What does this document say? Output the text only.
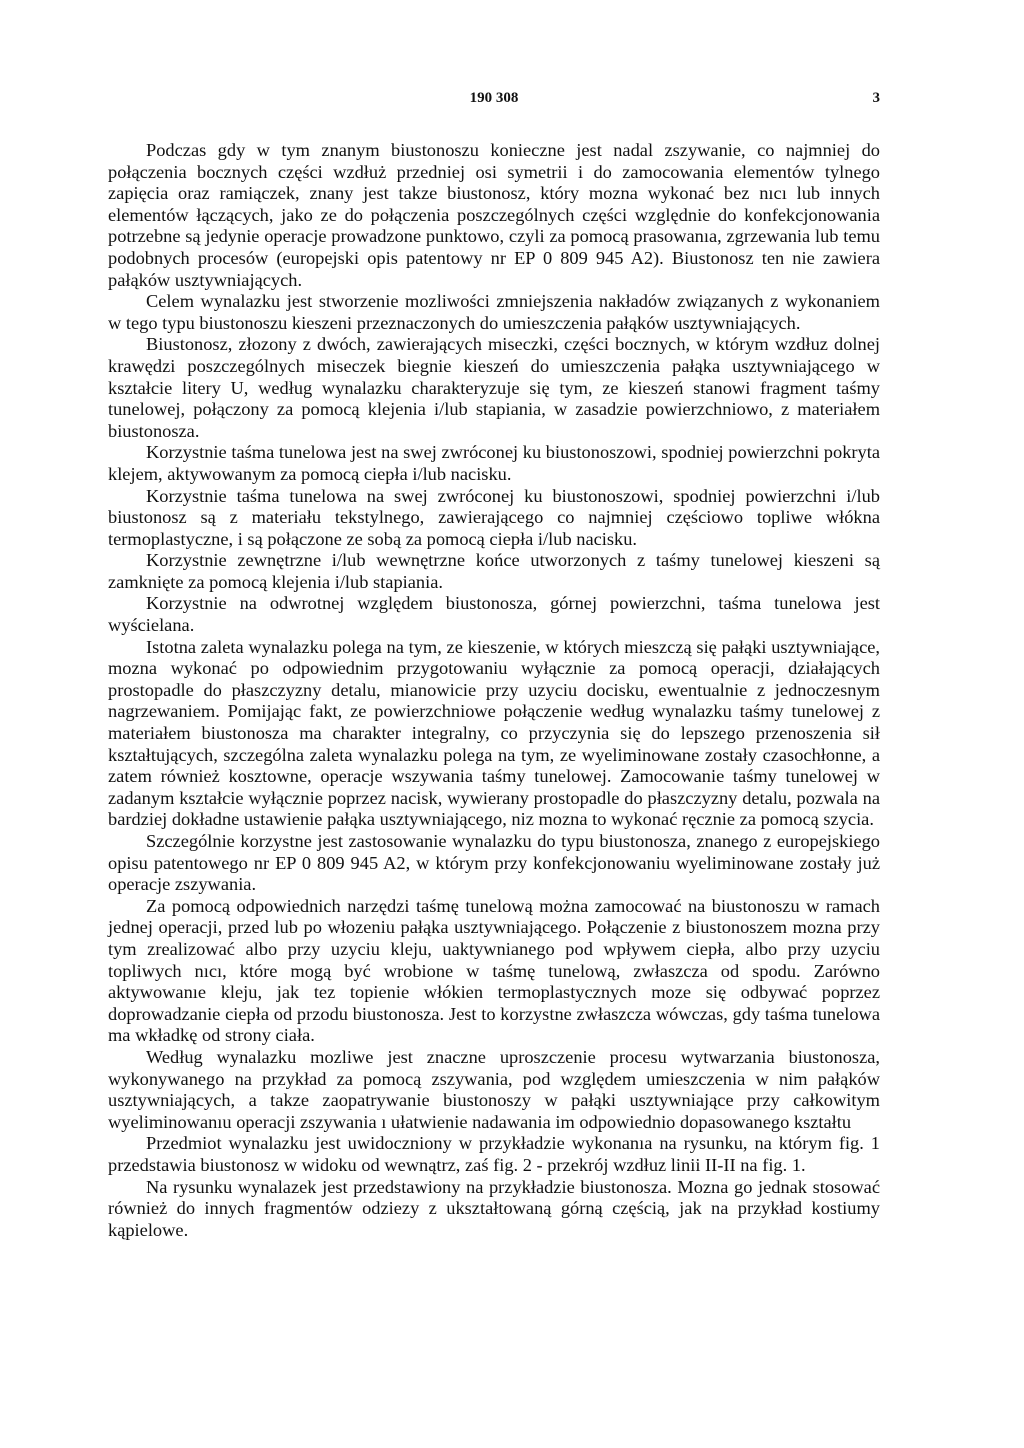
190 308	3

Podczas gdy w tym znanym biustonoszu konieczne jest nadal zszywanie, co najmniej do połączenia bocznych części wzdłuż przedniej osi symetrii i do zamocowania elementów tylnego zapięcia oraz ramiączek, znany jest takze biustonosz, który mozna wykonać bez nıcı lub innych elementów łączących, jako ze do połączenia poszczególnych części względnie do konfekcjonowania potrzebne są jedynie operacje prowadzone punktowo, czyli za pomocą prasowanıa, zgrzewania lub temu podobnych procesów (europejski opis patentowy nr EP 0 809 945 A2). Biustonosz ten nie zawiera pałąków usztywniających.

Celem wynalazku jest stworzenie mozliwości zmniejszenia nakładów związanych z wykonaniem w tego typu biustonoszu kieszeni przeznaczonych do umieszczenia pałąków usztywniających.

Biustonosz, złozony z dwóch, zawierających miseczki, części bocznych, w którym wzdłuz dolnej krawędzi poszczególnych miseczek biegnie kieszeń do umieszczenia pałąka usztywniającego w kształcie litery U, według wynalazku charakteryzuje się tym, ze kieszeń stanowi fragment taśmy tunelowej, połączony za pomocą klejenia i/lub stapiania, w zasadzie powierzchniowo, z materiałem biustonosza.

Korzystnie taśma tunelowa jest na swej zwróconej ku biustonoszowi, spodniej powierzchni pokryta klejem, aktywowanym za pomocą ciepła i/lub nacisku.

Korzystnie taśma tunelowa na swej zwróconej ku biustonoszowi, spodniej powierzchni i/lub biustonosz są z materiału tekstylnego, zawierającego co najmniej częściowo topliwe włókna termoplastyczne, i są połączone ze sobą za pomocą ciepła i/lub nacisku.

Korzystnie zewnętrzne i/lub wewnętrzne końce utworzonych z taśmy tunelowej kieszeni są zamknięte za pomocą klejenia i/lub stapiania.

Korzystnie na odwrotnej względem biustonosza, górnej powierzchni, taśma tunelowa jest wyścielana.

Istotna zaleta wynalazku polega na tym, ze kieszenie, w których mieszczą się pałąki usztywniające, mozna wykonać po odpowiednim przygotowaniu wyłącznie za pomocą operacji, działających prostopadle do płaszczyzny detalu, mianowicie przy uzyciu docisku, ewentualnie z jednoczesnym nagrzewaniem. Pomijając fakt, ze powierzchniowe połączenie według wynalazku taśmy tunelowej z materiałem biustonosza ma charakter integralny, co przyczynia się do lepszego przenoszenia sił kształtujących, szczególna zaleta wynalazku polega na tym, ze wyeliminowane zostały czasochłonne, a zatem również kosztowne, operacje wszywania taśmy tunelowej. Zamocowanie taśmy tunelowej w zadanym kształcie wyłącznie poprzez nacisk, wywierany prostopadle do płaszczyzny detalu, pozwala na bardziej dokładne ustawienie pałąka usztywniającego, niz mozna to wykonać ręcznie za pomocą szycia.

Szczególnie korzystne jest zastosowanie wynalazku do typu biustonosza, znanego z europejskiego opisu patentowego nr EP 0 809 945 A2, w którym przy konfekcjonowaniu wyeliminowane zostały już operacje zszywania.

Za pomocą odpowiednich narzędzi taśmę tunelową można zamocować na biustonoszu w ramach jednej operacji, przed lub po włozeniu pałąka usztywniającego. Połączenie z biustonoszem mozna przy tym zrealizować albo przy uzyciu kleju, uaktywnianego pod wpływem ciepła, albo przy uzyciu topliwych nıcı, które mogą być wrobione w taśmę tunelową, zwłaszcza od spodu. Zarówno aktywowanıe kleju, jak tez topienie włókien termoplastycznych moze się odbywać poprzez doprowadzanie ciepła od przodu biustonosza. Jest to korzystne zwłaszcza wówczas, gdy taśma tunelowa ma wkładkę od strony ciała.

Według wynalazku mozliwe jest znaczne uproszczenie procesu wytwarzania biustonosza, wykonywanego na przykład za pomocą zszywania, pod względem umieszczenia w nim pałąków usztywniających, a takze zaopatrywanie biustonoszy w pałąki usztywniające przy całkowitym wyeliminowanıu operacji zszywania ı ułatwienie nadawania im odpowiednio dopasowanego kształtu

Przedmiot wynalazku jest uwidoczniony w przykładzie wykonanıa na rysunku, na którym fig. 1 przedstawia biustonosz w widoku od wewnątrz, zaś fig. 2 - przekrój wzdłuz linii II-II na fig. 1.

Na rysunku wynalazek jest przedstawiony na przykładzie biustonosza. Mozna go jednak stosować również do innych fragmentów odziezy z ukształtowaną górną częścią, jak na przykład kostiumy kąpielowe.
